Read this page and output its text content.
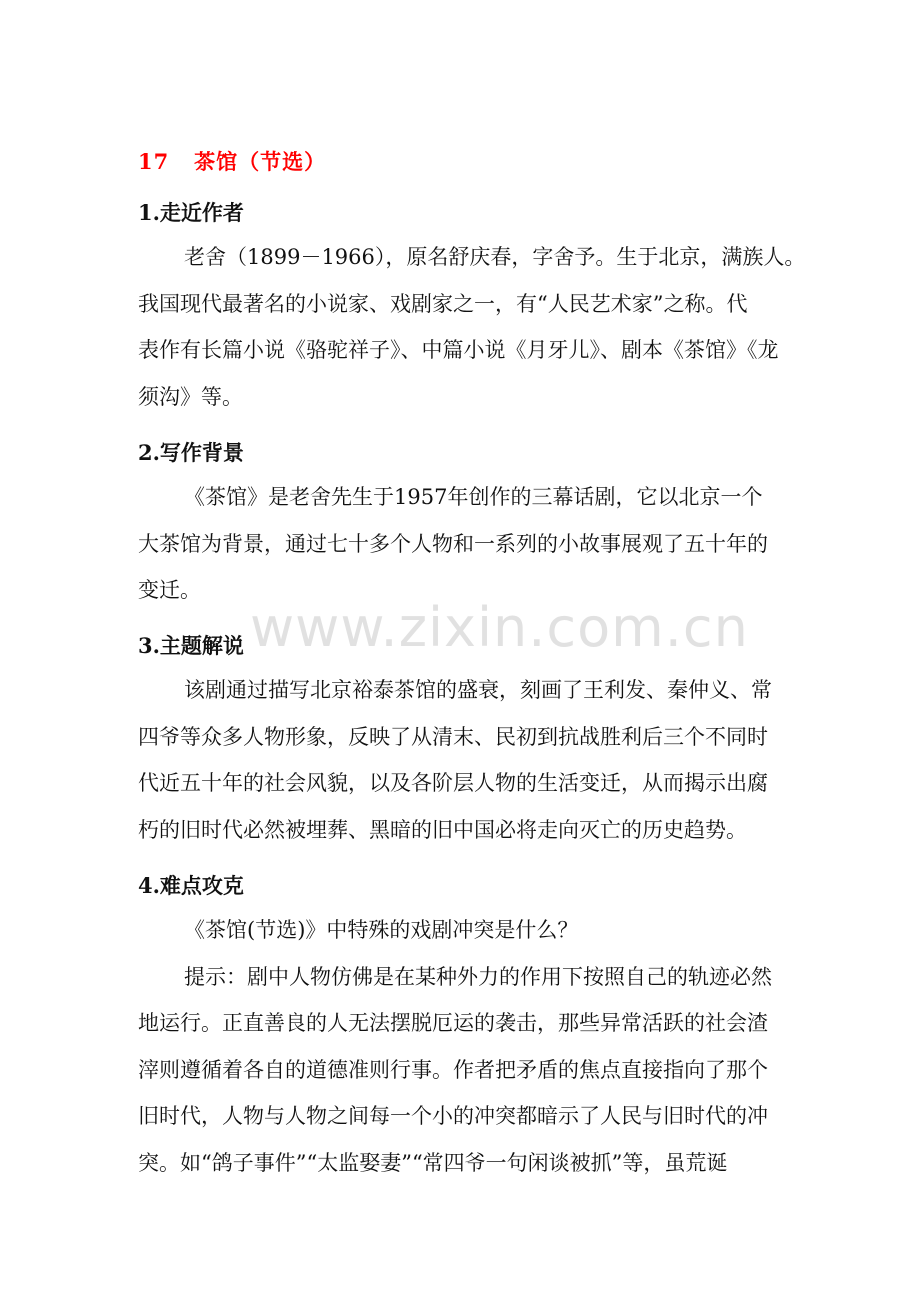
17   茶馆（节选）
1.走近作者
老舍（1899－1966），原名舒庆春，字舍予。生于北京，满族人。
我国现代最著名的小说家、戏剧家之一，有“人民艺术家”之称。代
表作有长篇小说《骆驼祥子》、中篇小说《月牙儿》、剧本《茶馆》《龙
须沟》等。
2.写作背景
《茶馆》是老舍先生于1957年创作的三幕话剧，它以北京一个
大茶馆为背景，通过七十多个人物和一系列的小故事展观了五十年的
变迁。
www.zixin.com.cn
3.主题解说
该剧通过描写北京裕泰茶馆的盛衰，刻画了王利发、秦仲义、常
四爷等众多人物形象，反映了从清末、民初到抗战胜利后三个不同时
代近五十年的社会风貌，以及各阶层人物的生活变迁，从而揭示出腐
朽的旧时代必然被埋葬、黑暗的旧中国必将走向灭亡的历史趋势。
4.难点攻克
《茶馆(节选)》中特殊的戏剧冲突是什么？
提示：剧中人物仿佛是在某种外力的作用下按照自己的轨迹必然
地运行。正直善良的人无法摆脱厄运的袭击，那些异常活跃的社会渣
滓则遵循着各自的道德准则行事。作者把矛盾的焦点直接指向了那个
旧时代，人物与人物之间每一个小的冲突都暗示了人民与旧时代的冲
突。如“鸽子事件”“太监娶妻”“常四爷一句闲谈被抓”等，虽荒诞
